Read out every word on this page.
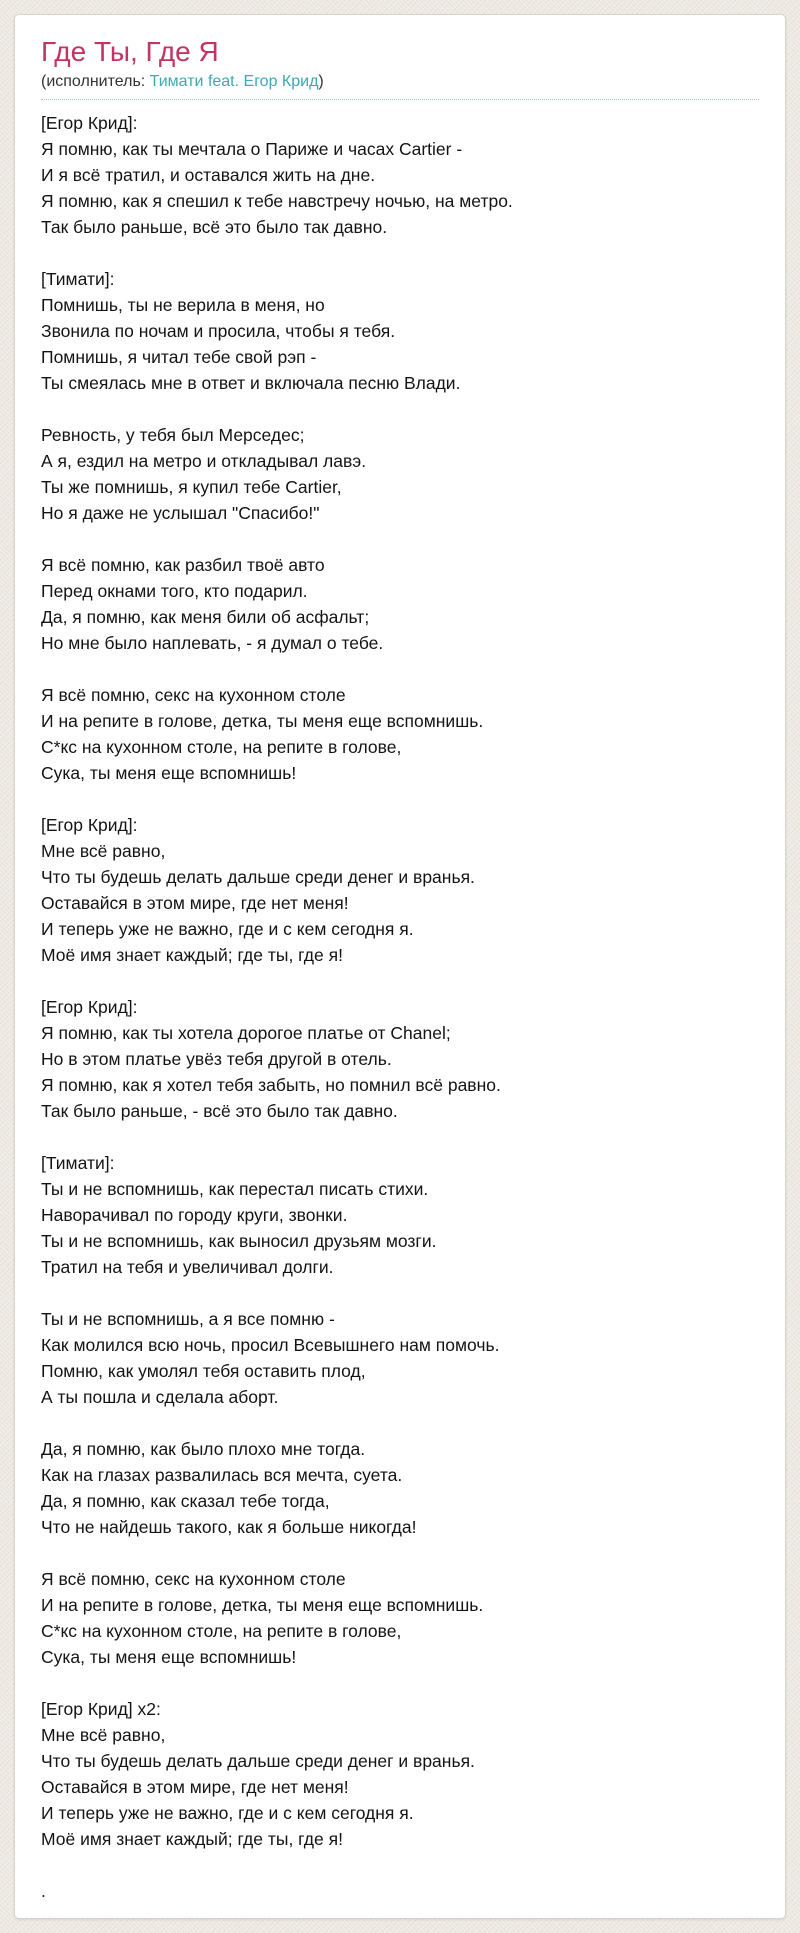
Где Ты, Где Я
(исполнитель: Тимати feat. Егор Крид)
[Егор Крид]:
Я помню, как ты мечтала о Париже и часах Cartier -
И я всё тратил, и оставался жить на дне.
Я помню, как я спешил к тебе навстречу ночью, на метро.
Так было раньше, всё это было так давно.
[Тимати]:
Помнишь, ты не верила в меня, но
Звонила по ночам и просила, чтобы я тебя.
Помнишь, я читал тебе свой рэп -
Ты смеялась мне в ответ и включала песню Влади.
Ревность, у тебя был Мерседес;
А я, ездил на метро и откладывал лавэ.
Ты же помнишь, я купил тебе Cartier,
Но я даже не услышал "Спасибо!"
Я всё помню, как разбил твоё авто
Перед окнами того, кто подарил.
Да, я помню, как меня били об асфальт;
Но мне было наплевать, - я думал о тебе.
Я всё помню, секс на кухонном столе
И на репите в голове, детка, ты меня еще вспомнишь.
С*кс на кухонном столе, на репите в голове,
Сука, ты меня еще вспомнишь!
[Егор Крид]:
Мне всё равно,
Что ты будешь делать дальше среди денег и вранья.
Оставайся в этом мире, где нет меня!
И теперь уже не важно, где и с кем сегодня я.
Моё имя знает каждый; где ты, где я!
[Егор Крид]:
Я помню, как ты хотела дорогое платье от Chanel;
Но в этом платье увёз тебя другой в отель.
Я помню, как я хотел тебя забыть, но помнил всё равно.
Так было раньше, - всё это было так давно.
[Тимати]:
Ты и не вспомнишь, как перестал писать стихи.
Наворачивал по городу круги, звонки.
Ты и не вспомнишь, как выносил друзьям мозги.
Тратил на тебя и увеличивал долги.
Ты и не вспомнишь, а я все помню -
Как молился всю ночь, просил Всевышнего нам помочь.
Помню, как умолял тебя оставить плод,
А ты пошла и сделала аборт.
Да, я помню, как было плохо мне тогда.
Как на глазах развалилась вся мечта, суета.
Да, я помню, как сказал тебе тогда,
Что не найдешь такого, как я больше никогда!
Я всё помню, секс на кухонном столе
И на репите в голове, детка, ты меня еще вспомнишь.
С*кс на кухонном столе, на репите в голове,
Сука, ты меня еще вспомнишь!
[Егор Крид] x2:
Мне всё равно,
Что ты будешь делать дальше среди денег и вранья.
Оставайся в этом мире, где нет меня!
И теперь уже не важно, где и с кем сегодня я.
Моё имя знает каждый; где ты, где я!
.
